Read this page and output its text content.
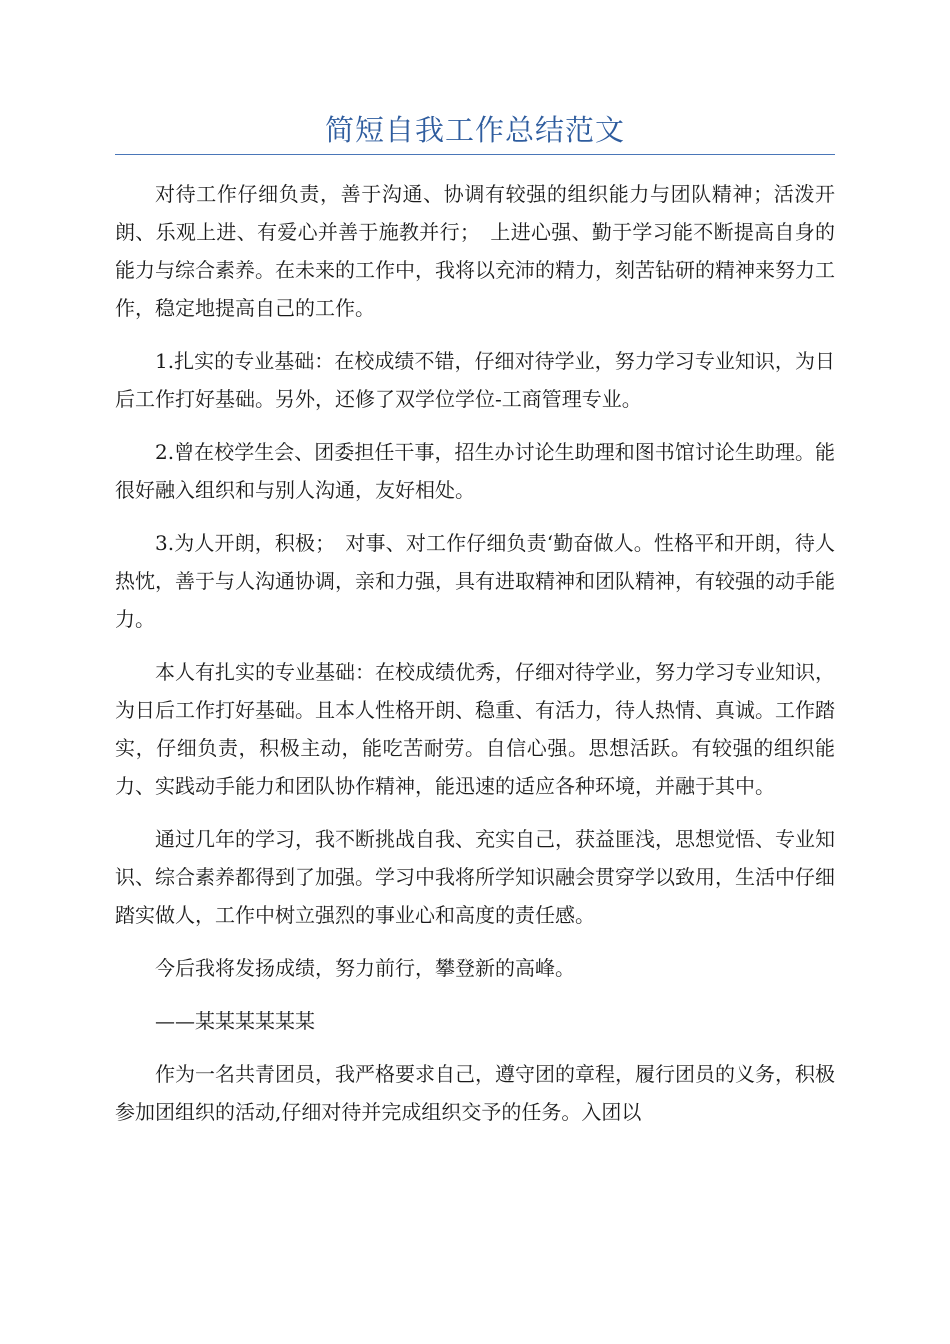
简短自我工作总结范文

对待工作仔细负责，善于沟通、协调有较强的组织能力与团队精神；活泼开朗、乐观上进、有爱心并善于施教并行；　上进心强、勤于学习能不断提高自身的能力与综合素养。在未来的工作中，我将以充沛的精力，刻苦钻研的精神来努力工作，稳定地提高自己的工作。

1.扎实的专业基础：在校成绩不错，仔细对待学业，努力学习专业知识，为日后工作打好基础。另外，还修了双学位学位-工商管理专业。

2.曾在校学生会、团委担任干事，招生办讨论生助理和图书馆讨论生助理。能很好融入组织和与别人沟通，友好相处。

3.为人开朗，积极；　对事、对工作仔细负责‘勤奋做人。性格平和开朗，待人热忱，善于与人沟通协调，亲和力强，具有进取精神和团队精神，有较强的动手能力。

本人有扎实的专业基础：在校成绩优秀，仔细对待学业，努力学习专业知识，为日后工作打好基础。且本人性格开朗、稳重、有活力，待人热情、真诚。工作踏实，仔细负责，积极主动，能吃苦耐劳。自信心强。思想活跃。有较强的组织能力、实践动手能力和团队协作精神，能迅速的适应各种环境，并融于其中。

通过几年的学习，我不断挑战自我、充实自己，获益匪浅，思想觉悟、专业知识、综合素养都得到了加强。学习中我将所学知识融会贯穿学以致用，生活中仔细踏实做人，工作中树立强烈的事业心和高度的责任感。

今后我将发扬成绩，努力前行，攀登新的高峰。

——某某某某某某

作为一名共青团员，我严格要求自己，遵守团的章程，履行团员的义务，积极参加团组织的活动,仔细对待并完成组织交予的任务。入团以
